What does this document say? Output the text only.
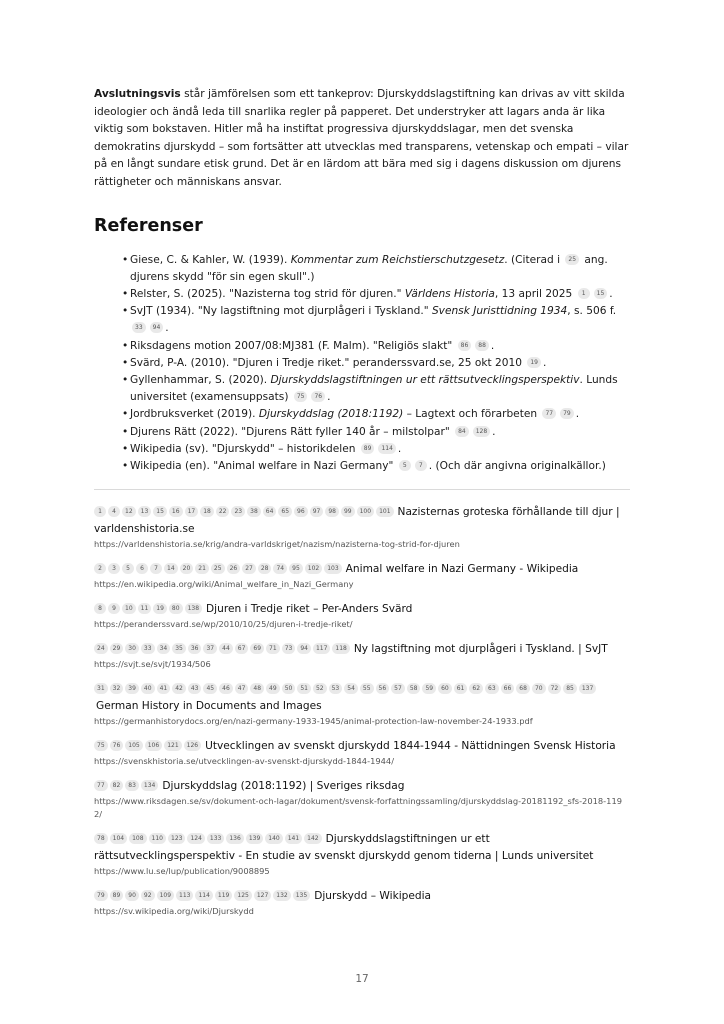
Avslutningsvis står jämförelsen som ett tankeprov: Djurskyddslagstiftning kan drivas av vitt skilda ideologier och ändå leda till snarlika regler på papperet. Det understryker att lagars anda är lika viktig som bokstaven. Hitler må ha instiftat progressiva djurskyddslagar, men det svenska demokratins djurskydd – som fortsätter att utvecklas med transparens, vetenskap och empati – vilar på en långt sundare etisk grund. Det är en lärdom att bära med sig i dagens diskussion om djurens rättigheter och människans ansvar.

Referenser
• Giese, C. & Kahler, W. (1939). Kommentar zum Reichstierschutzgesetz. (Citerad i 25 ang. djurens skydd "för sin egen skull".)
• Relster, S. (2025). "Nazisterna tog strid för djuren." Världens Historia, 13 april 2025 1 15 .
• SvJT (1934). "Ny lagstiftning mot djurplågeri i Tyskland." Svensk Juristtidning 1934, s. 506 f. 33 94 .
• Riksdagens motion 2007/08:MJ381 (F. Malm). "Religiös slakt" 86 88 .
• Svärd, P-A. (2010). "Djuren i Tredje riket." peranderssvard.se, 25 okt 2010 19 .
• Gyllenhammar, S. (2020). Djurskyddslagstiftningen ur ett rättsutvecklingsperspektiv. Lunds universitet (examensuppsats) 75 76 .
• Jordbruksverket (2019). Djurskyddslag (2018:1192) – Lagtext och förarbeten 77 79 .
• Djurens Rätt (2022). "Djurens Rätt fyller 140 år – milstolpar" 84 128 .
• Wikipedia (sv). "Djurskydd" – historikdelen 89 114 .
• Wikipedia (en). "Animal welfare in Nazi Germany" 5 7 . (Och där angivna originalkällor.)
1 4 12 13 15 16 17 18 22 23 38 64 65 96 97 98 99 100 101 Nazisternas groteska förhållande till djur | varldenshistoria.se
https://varldenshistoria.se/krig/andra-varldskriget/nazism/nazisterna-tog-strid-for-djuren
2 3 5 6 7 14 20 21 25 26 27 28 74 95 102 103 Animal welfare in Nazi Germany - Wikipedia
https://en.wikipedia.org/wiki/Animal_welfare_in_Nazi_Germany
8 9 10 11 19 80 138 Djuren i Tredje riket – Per-Anders Svärd
https://peranderssvard.se/wp/2010/10/25/djuren-i-tredje-riket/
24 29 30 33 34 35 36 37 44 67 69 71 73 94 117 118 Ny lagstiftning mot djurplågeri i Tyskland. | SvJT
https://svjt.se/svjt/1934/506
31 32 39 40 41 42 43 45 46 47 48 49 50 51 52 53 54 55 56 57 58 59 60 61 62 63 66 68 70 72 85 137German History in Documents and Images
https://germanhistorydocs.org/en/nazi-germany-1933-1945/animal-protection-law-november-24-1933.pdf
75 76 105 106 121 126 Utvecklingen av svenskt djurskydd 1844-1944 - Nättidningen Svensk Historia
https://svenskhistoria.se/utvecklingen-av-svenskt-djurskydd-1844-1944/
77 82 83 134 Djurskyddslag (2018:1192) | Sveriges riksdag
https://www.riksdagen.se/sv/dokument-och-lagar/dokument/svensk-forfattningssamling/djurskyddslag-20181192_sfs-2018-1192/
78 104 108 110 123 124 133 136 139 140 141 142 Djurskyddslagstiftningen ur ett rättsutvecklingsperspektiv - En studie av svenskt djurskydd genom tiderna | Lunds universitet
https://www.lu.se/lup/publication/9008895
79 89 90 92 109 113 114 119 125 127 132 135 Djurskydd – Wikipedia
https://sv.wikipedia.org/wiki/Djurskydd
17
